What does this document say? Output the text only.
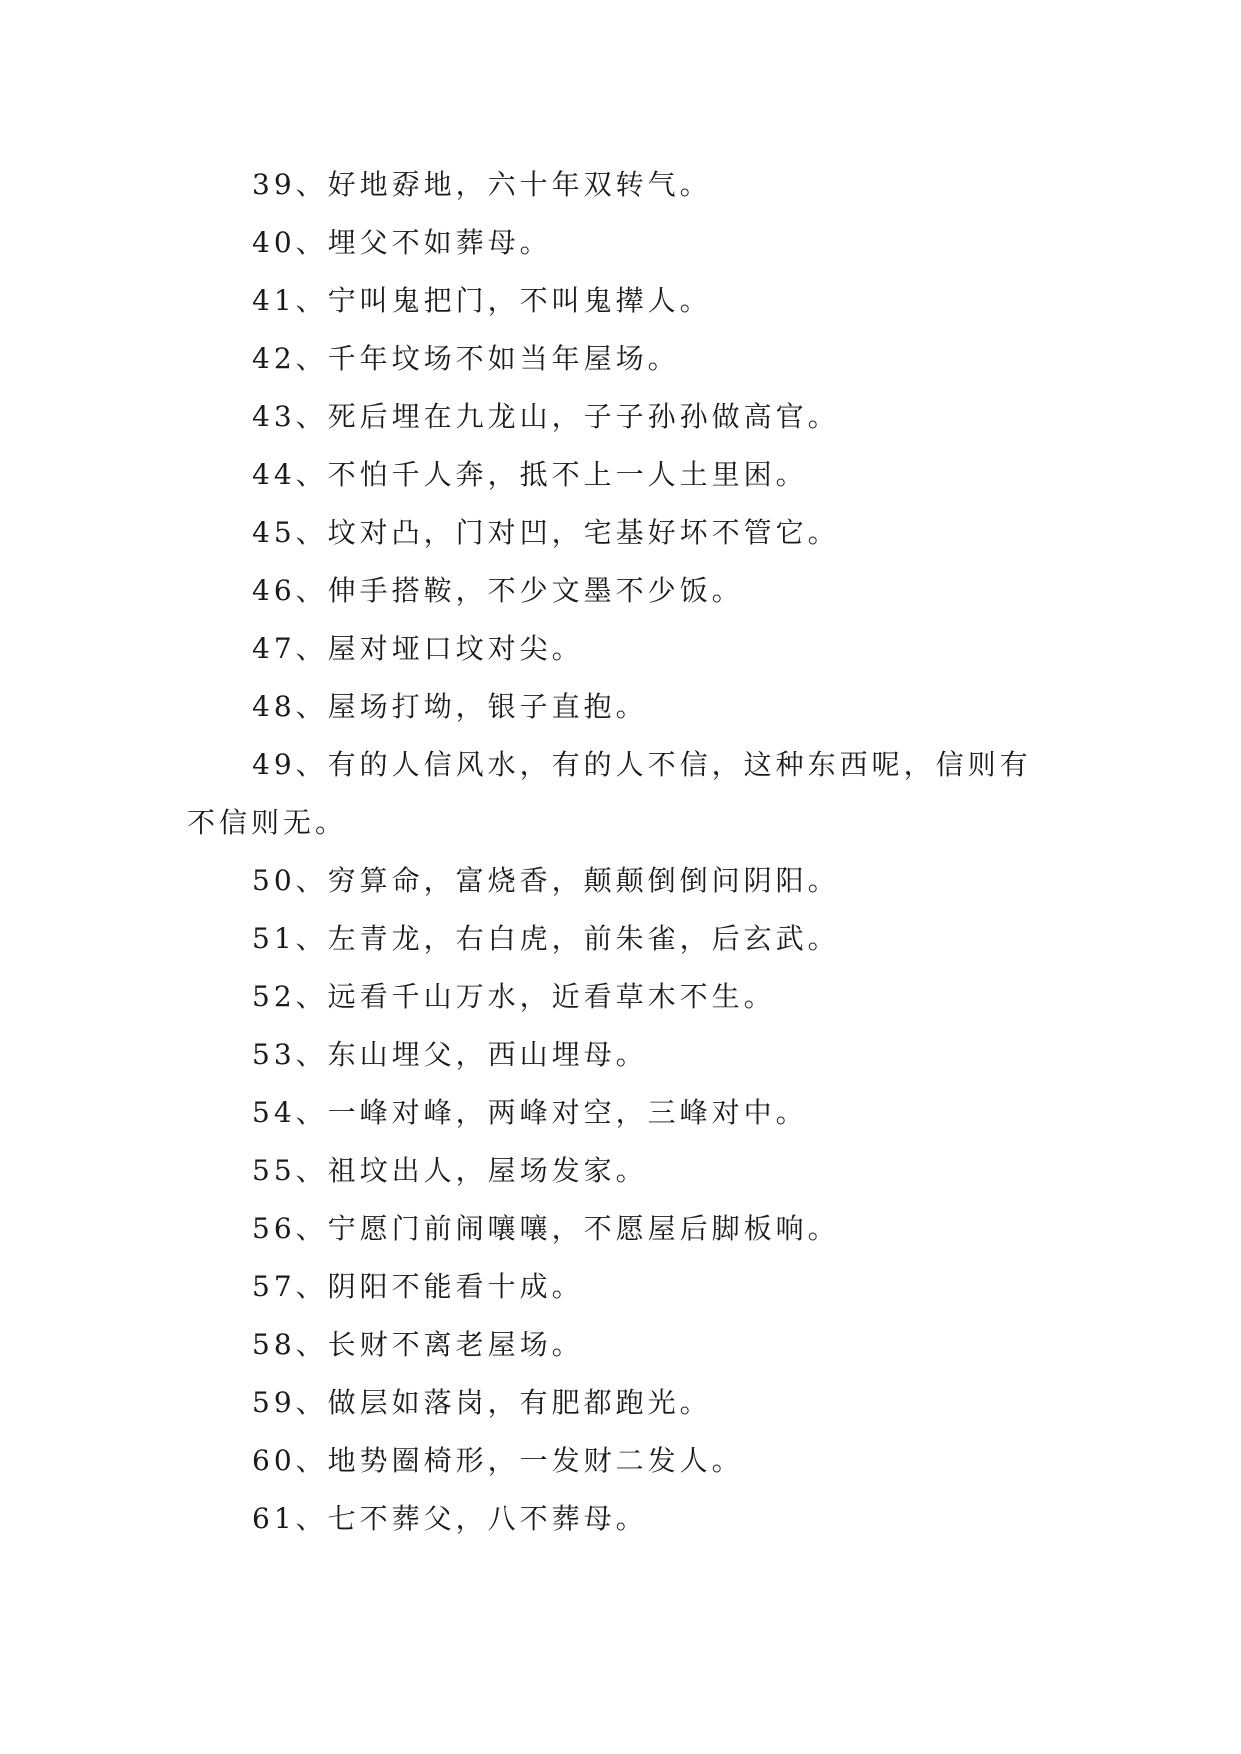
39、好地孬地，六十年双转气。
40、埋父不如葬母。
41、宁叫鬼把门，不叫鬼撵人。
42、千年坟场不如当年屋场。
43、死后埋在九龙山，子子孙孙做高官。
44、不怕千人奔，抵不上一人土里困。
45、坟对凸，门对凹，宅基好坏不管它。
46、伸手搭鞍，不少文墨不少饭。
47、屋对垭口坟对尖。
48、屋场打坳，银子直抱。
49、有的人信风水，有的人不信，这种东西呢，信则有
不信则无。
50、穷算命，富烧香，颠颠倒倒问阴阳。
51、左青龙，右白虎，前朱雀，后玄武。
52、远看千山万水，近看草木不生。
53、东山埋父，西山埋母。
54、一峰对峰，两峰对空，三峰对中。
55、祖坟出人，屋场发家。
56、宁愿门前闹嚷嚷，不愿屋后脚板响。
57、阴阳不能看十成。
58、长财不离老屋场。
59、做层如落岗，有肥都跑光。
60、地势圈椅形，一发财二发人。
61、七不葬父，八不葬母。
